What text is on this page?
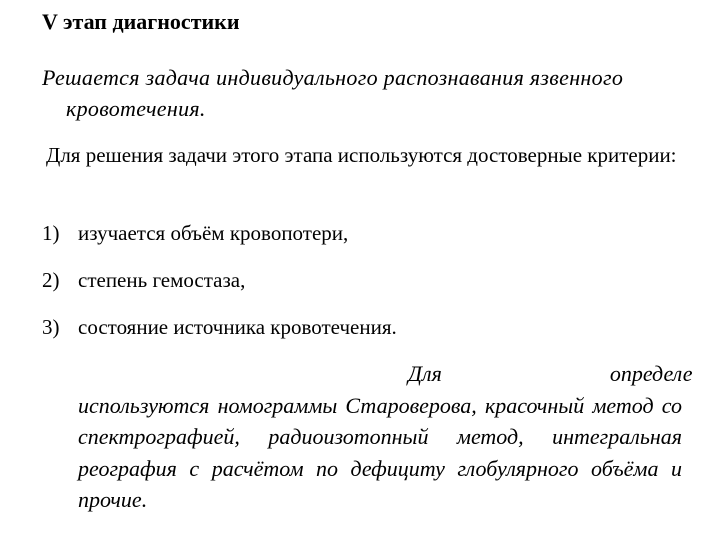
V этап диагностики
Решается задача индивидуального распознавания язвенного кровотечения.
Для решения задачи этого этапа используются достоверные критерии:
1) изучается объём кровопотери,
2) степень гемостаза,
3) состояние источника кровотечения.
Для	определе
используются номограммы Староверова, красочный метод со спектрографией, радиоизотопный метод, интегральная реография с расчётом по дефициту глобулярного объёма и прочие.
